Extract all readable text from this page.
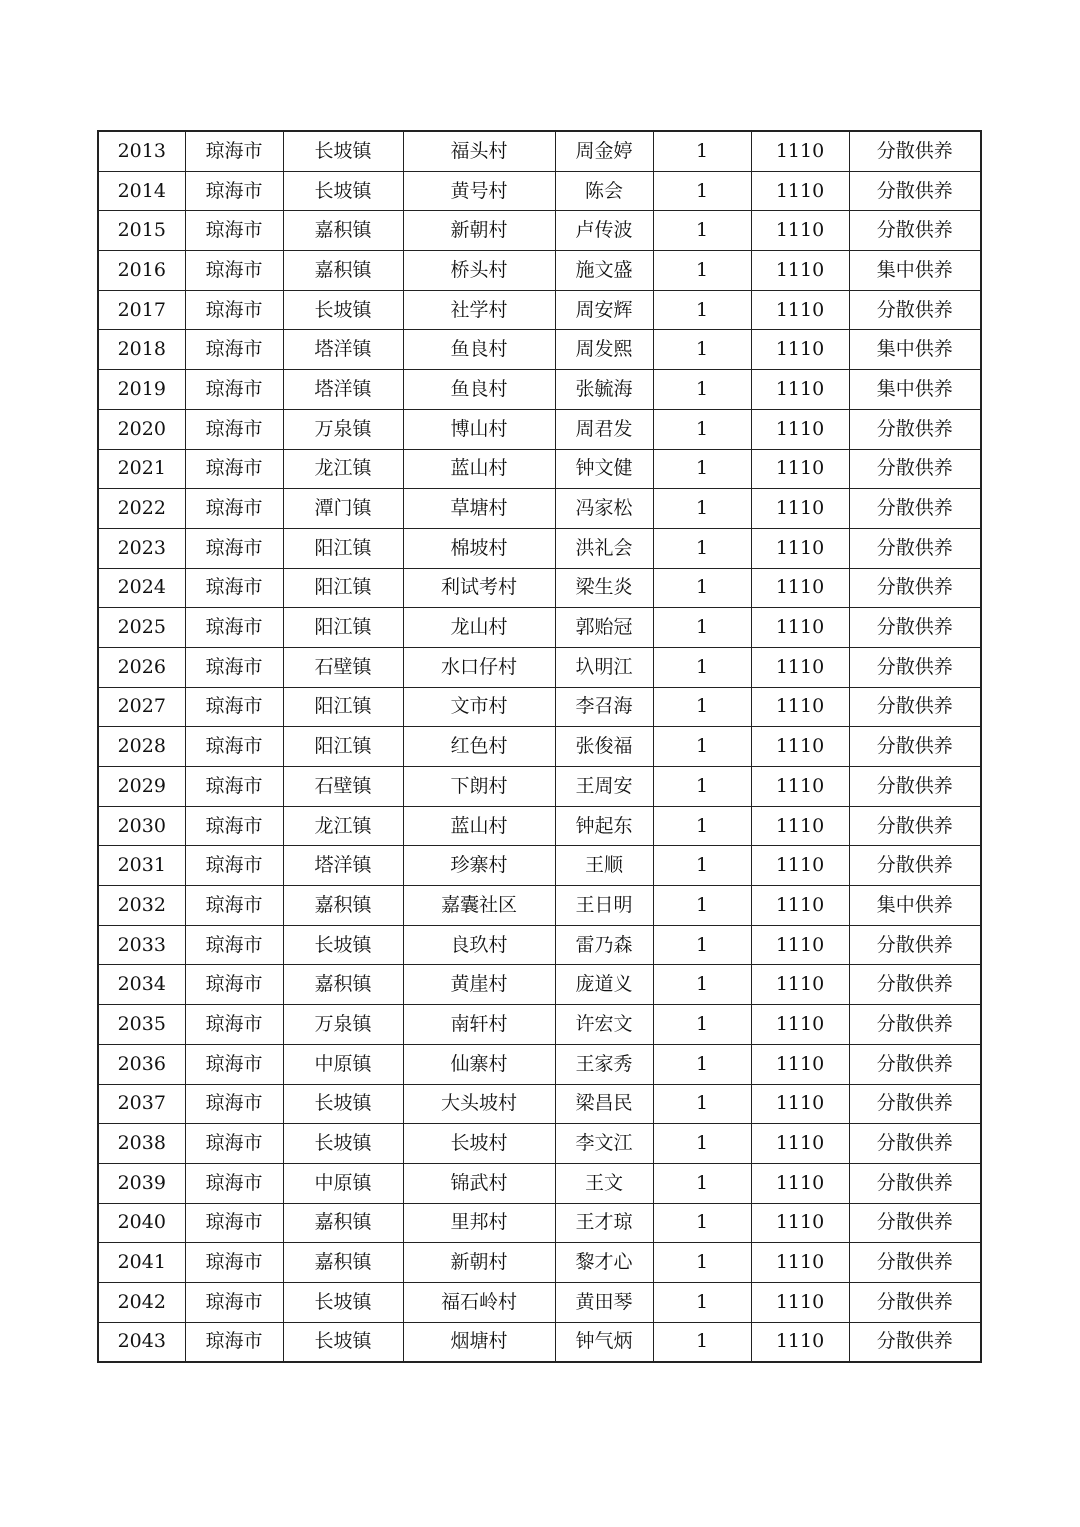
2013	琼海市	长坡镇	福头村	周金婷	1	1110	分散供养
2014	琼海市	长坡镇	黄号村	陈会	1	1110	分散供养
2015	琼海市	嘉积镇	新朝村	卢传波	1	1110	分散供养
2016	琼海市	嘉积镇	桥头村	施文盛	1	1110	集中供养
2017	琼海市	长坡镇	社学村	周安辉	1	1110	分散供养
2018	琼海市	塔洋镇	鱼良村	周发熙	1	1110	集中供养
2019	琼海市	塔洋镇	鱼良村	张毓海	1	1110	集中供养
2020	琼海市	万泉镇	博山村	周君发	1	1110	分散供养
2021	琼海市	龙江镇	蓝山村	钟文健	1	1110	分散供养
2022	琼海市	潭门镇	草塘村	冯家松	1	1110	分散供养
2023	琼海市	阳江镇	棉坡村	洪礼会	1	1110	分散供养
2024	琼海市	阳江镇	利试考村	梁生炎	1	1110	分散供养
2025	琼海市	阳江镇	龙山村	郭贻冠	1	1110	分散供养
2026	琼海市	石壁镇	水口仔村	圦明江	1	1110	分散供养
2027	琼海市	阳江镇	文市村	李召海	1	1110	分散供养
2028	琼海市	阳江镇	红色村	张俊福	1	1110	分散供养
2029	琼海市	石壁镇	下朗村	王周安	1	1110	分散供养
2030	琼海市	龙江镇	蓝山村	钟起东	1	1110	分散供养
2031	琼海市	塔洋镇	珍寨村	王顺	1	1110	分散供养
2032	琼海市	嘉积镇	嘉囊社区	王日明	1	1110	集中供养
2033	琼海市	长坡镇	良玖村	雷乃森	1	1110	分散供养
2034	琼海市	嘉积镇	黄崖村	庞道义	1	1110	分散供养
2035	琼海市	万泉镇	南轩村	许宏文	1	1110	分散供养
2036	琼海市	中原镇	仙寨村	王家秀	1	1110	分散供养
2037	琼海市	长坡镇	大头坡村	梁昌民	1	1110	分散供养
2038	琼海市	长坡镇	长坡村	李文江	1	1110	分散供养
2039	琼海市	中原镇	锦武村	王文	1	1110	分散供养
2040	琼海市	嘉积镇	里邦村	王才琼	1	1110	分散供养
2041	琼海市	嘉积镇	新朝村	黎才心	1	1110	分散供养
2042	琼海市	长坡镇	福石岭村	黄田琴	1	1110	分散供养
2043	琼海市	长坡镇	烟塘村	钟气炳	1	1110	分散供养
